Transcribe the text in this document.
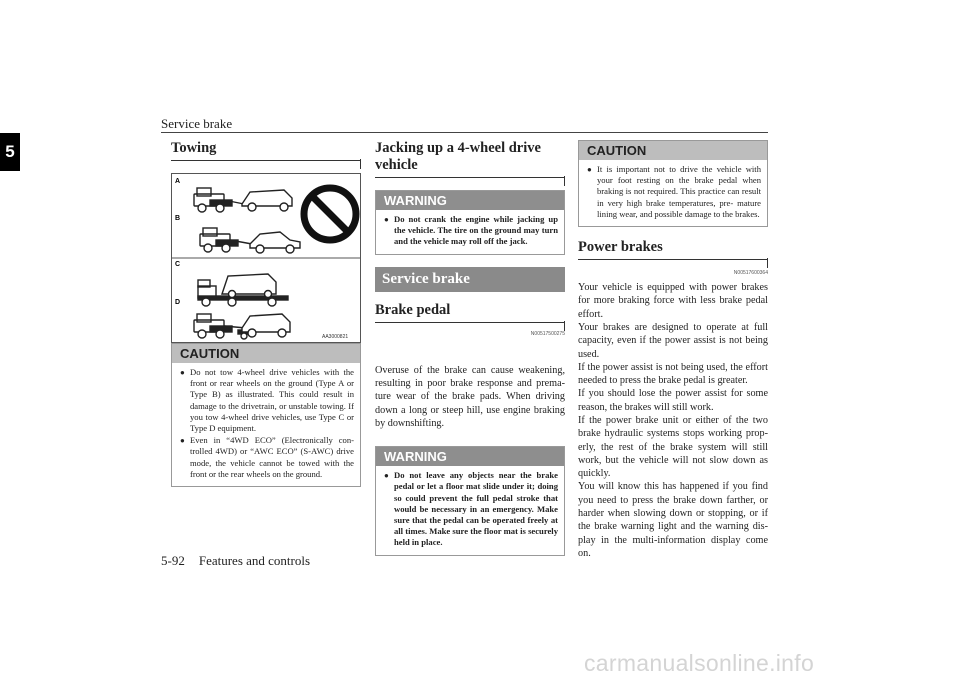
Service brake
5	Towing
A
B
C
D
AA3000821
CAUTION
● Do not tow 4-wheel drive vehicles with the front or rear wheels on the ground (Type A or Type B) as illustrated. This could result in damage to the drivetrain, or unstable towing. If you tow 4-wheel drive vehicles, use Type C or Type D equipment.
● Even in “4WD ECO” (Electronically con- trolled 4WD) or “AWC ECO” (S-AWC) drive mode, the vehicle cannot be towed with the front or the rear wheels on the ground.
Jacking up a 4-wheel drive vehicle
WARNING
● Do not crank the engine while jacking up the vehicle. The tire on the ground may turn and the vehicle may roll off the jack.
Service brake
Brake pedal
N00517500275

Overuse of the brake can cause weakening, resulting in poor brake response and prema- ture wear of the brake pads. When driving down a long or steep hill, use engine braking by downshifting.

WARNING
● Do not leave any objects near the brake pedal or let a floor mat slide under it; doing so could prevent the full pedal stroke that would be necessary in an emergency. Make sure that the pedal can be operated freely at all times. Make sure the floor mat is securely held in place.
CAUTION
● It is important not to drive the vehicle with your foot resting on the brake pedal when braking is not required. This practice can result in very high brake temperatures, pre- mature lining wear, and possible damage to the brakes.
Power brakes
N00517600364

Your vehicle is equipped with power brakes for more braking force with less brake pedal effort.

Your brakes are designed to operate at full capacity, even if the power assist is not being used.

If the power assist is not being used, the effort needed to press the brake pedal is greater.

If you should lose the power assist for some reason, the brakes will still work.

If the power brake unit or either of the two brake hydraulic systems stops working prop- erly, the rest of the brake system will still work, but the vehicle will not slow down as quickly.

You will know this has happened if you find you need to press the brake down farther, or harder when slowing down or stopping, or if the brake warning light and the warning dis- play in the multi-information display come on.

5-92 Features and controls
carmanualsonline.info
